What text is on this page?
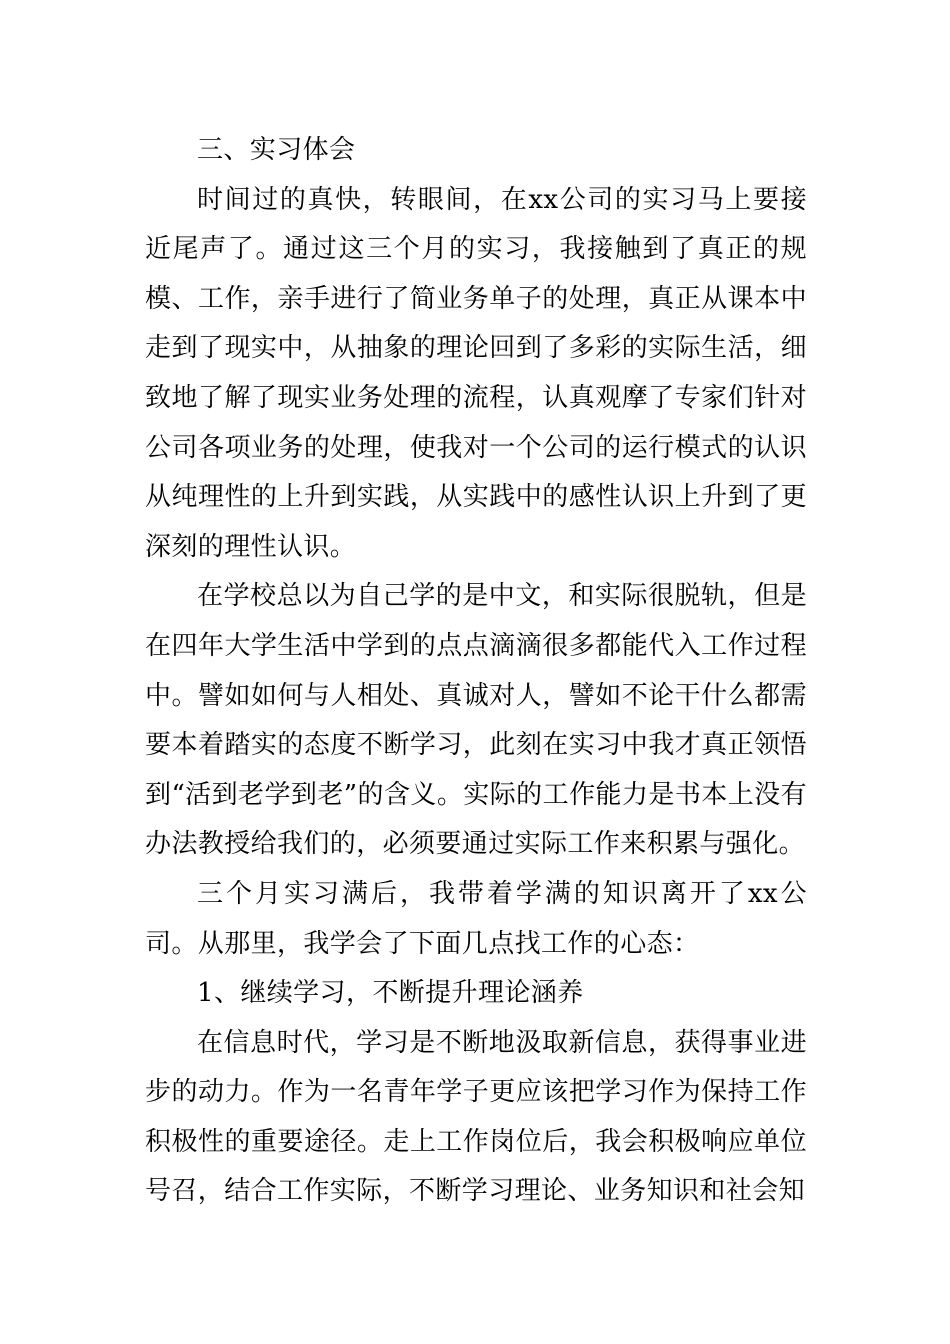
三、实习体会

时间过的真快，转眼间，在xx公司的实习马上要接近尾声了。通过这三个月的实习，我接触到了真正的规模、工作，亲手进行了简业务单子的处理，真正从课本中走到了现实中，从抽象的理论回到了多彩的实际生活，细致地了解了现实业务处理的流程，认真观摩了专家们针对公司各项业务的处理，使我对一个公司的运行模式的认识从纯理性的上升到实践，从实践中的感性认识上升到了更深刻的理性认识。

在学校总以为自己学的是中文，和实际很脱轨，但是在四年大学生活中学到的点点滴滴很多都能代入工作过程中。譬如如何与人相处、真诚对人，譬如不论干什么都需要本着踏实的态度不断学习，此刻在实习中我才真正领悟到“活到老学到老”的含义。实际的工作能力是书本上没有办法教授给我们的，必须要通过实际工作来积累与强化。

三个月实习满后，我带着学满的知识离开了xx公司。从那里，我学会了下面几点找工作的心态：

1、继续学习，不断提升理论涵养

在信息时代，学习是不断地汲取新信息，获得事业进步的动力。作为一名青年学子更应该把学习作为保持工作积极性的重要途径。走上工作岗位后，我会积极响应单位号召，结合工作实际，不断学习理论、业务知识和社会知
